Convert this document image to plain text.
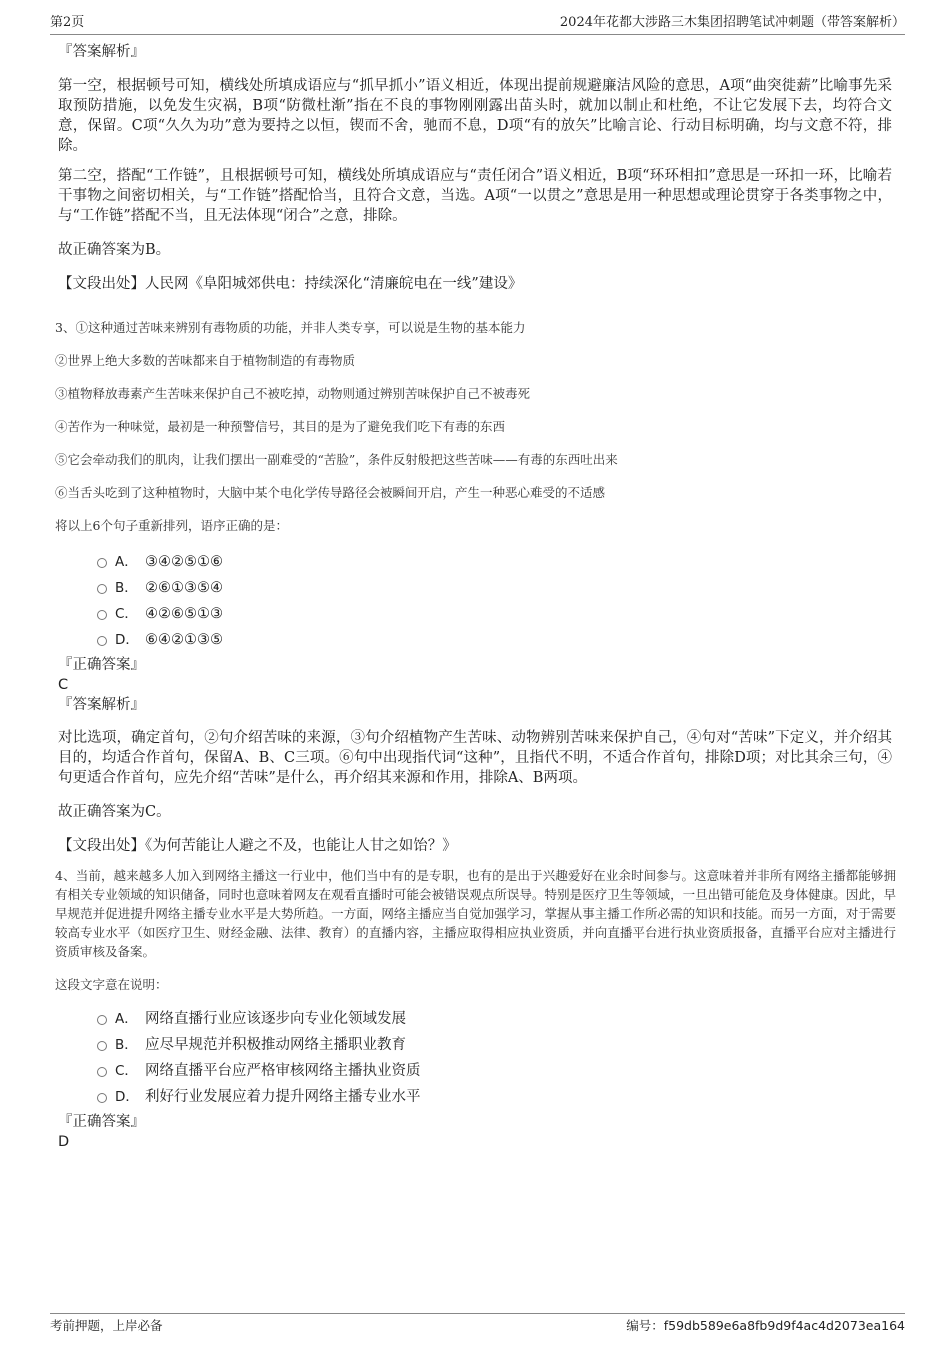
第2页	2024年花都大涉路三木集团招聘笔试冲刺题（带答案解析）
『答案解析』

第一空，根据顿号可知，横线处所填成语应与“抓早抓小”语义相近，体现出提前规避廉洁风险的意思，A项“曲突徙薪”比喻事先采取预防措施，以免发生灾祸，B项“防微杜渐”指在不良的事物刚刚露出苗头时，就加以制止和杜绝，不让它发展下去，均符合文意，保留。C项“久久为功”意为要持之以恒，锲而不舍，驰而不息，D项“有的放矢”比喻言论、行动目标明确，均与文意不符，排除。

第二空，搭配“工作链”，且根据顿号可知，横线处所填成语应与“责任闭合”语义相近，B项“环环相扣”意思是一环扣一环，比喻若干事物之间密切相关，与“工作链”搭配恰当，且符合文意，当选。A项“一以贯之”意思是用一种思想或理论贯穿于各类事物之中，与“工作链”搭配不当，且无法体现“闭合”之意，排除。

故正确答案为B。
【文段出处】人民网《阜阳城郊供电：持续深化“清廉皖电在一线”建设》
3、①这种通过苦味来辨别有毒物质的功能，并非人类专享，可以说是生物的基本能力
②世界上绝大多数的苦味都来自于植物制造的有毒物质
③植物释放毒素产生苦味来保护自己不被吃掉，动物则通过辨别苦味保护自己不被毒死
④苦作为一种味觉，最初是一种预警信号，其目的是为了避免我们吃下有毒的东西
⑤它会牵动我们的肌肉，让我们摆出一副难受的“苦脸”，条件反射般把这些苦味——有毒的东西吐出来
⑥当舌头吃到了这种植物时，大脑中某个电化学传导路径会被瞬间开启，产生一种恶心难受的不适感
将以上6个句子重新排列，语序正确的是：
A． ③④②⑤①⑥
B． ②⑥①③⑤④
C． ④②⑥⑤①③
D． ⑥④②①③⑤
『正确答案』
C
『答案解析』

对比选项，确定首句，②句介绍苦味的来源，③句介绍植物产生苦味、动物辨别苦味来保护自己，④句对“苦味”下定义，并介绍其目的，均适合作首句，保留A、B、C三项。⑥句中出现指代词“这种”，且指代不明，不适合作首句，排除D项；对比其余三句，④句更适合作首句，应先介绍“苦味”是什么，再介绍其来源和作用，排除A、B两项。

故正确答案为C。
【文段出处】《为何苦能让人避之不及，也能让人甘之如饴？》
4、当前，越来越多人加入到网络主播这一行业中，他们当中有的是专职，也有的是出于兴趣爱好在业余时间参与。这意味着并非所有网络主播都能够拥有相关专业领域的知识储备，同时也意味着网友在观看直播时可能会被错误观点所误导。特别是医疗卫生等领域，一旦出错可能危及身体健康。因此，早早规范并促进提升网络主播专业水平是大势所趋。一方面，网络主播应当自觉加强学习，掌握从事主播工作所必需的知识和技能。而另一方面，对于需要较高专业水平（如医疗卫生、财经金融、法律、教育）的直播内容，主播应取得相应执业资质，并向直播平台进行执业资质报备，直播平台应对主播进行资质审核及备案。
这段文字意在说明：
A． 网络直播行业应该逐步向专业化领域发展
B． 应尽早规范并积极推动网络主播职业教育
C． 网络直播平台应严格审核网络主播执业资质
D． 利好行业发展应着力提升网络主播专业水平
『正确答案』
D
考前押题，上岸必备	编号：f59db589e6a8fb9d9f4ac4d2073ea164
